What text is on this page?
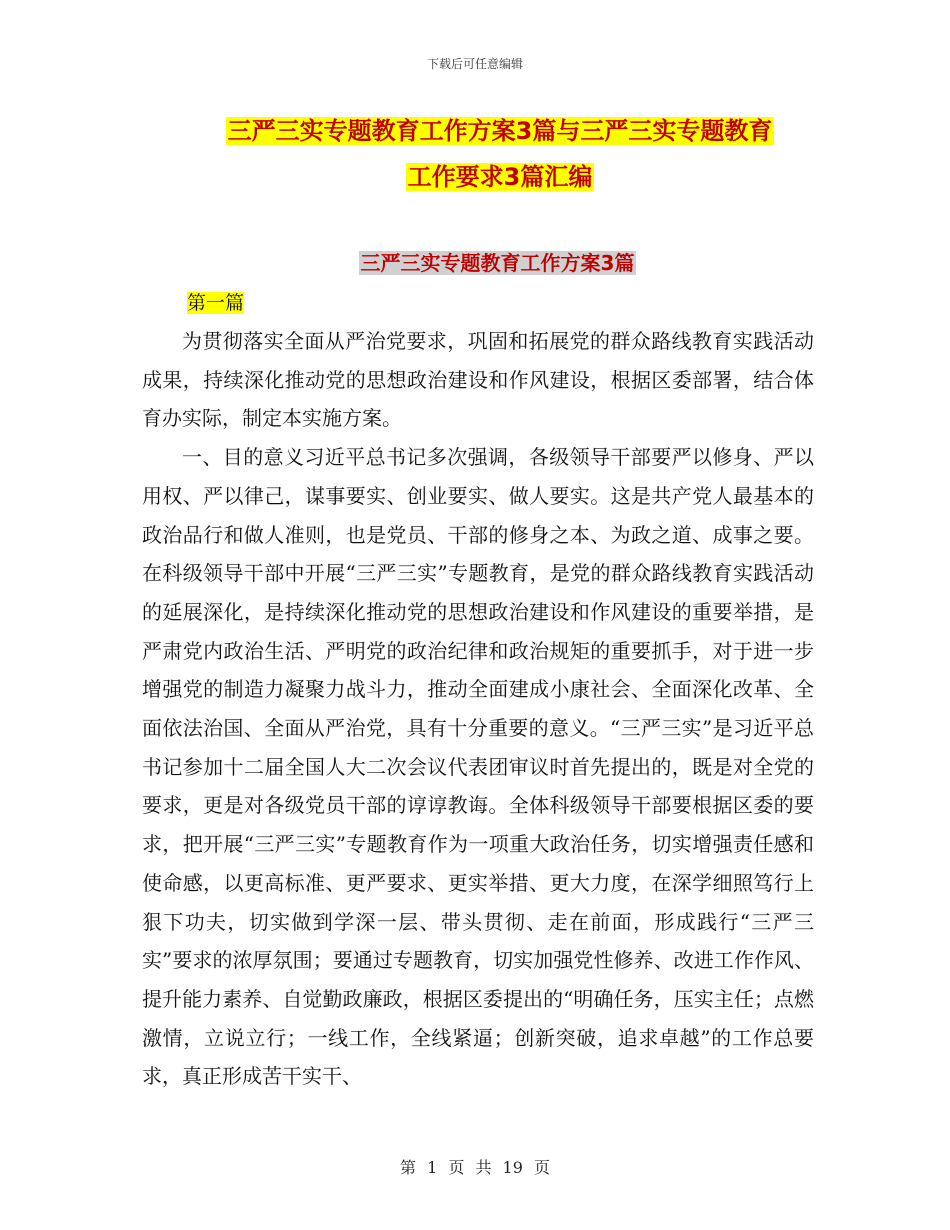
下载后可任意编辑
三严三实专题教育工作方案3篇与三严三实专题教育
工作要求3篇汇编
三严三实专题教育工作方案3篇
第一篇

为贯彻落实全面从严治党要求，巩固和拓展党的群众路线教育实践活动成果，持续深化推动党的思想政治建设和作风建设，根据区委部署，结合体育办实际，制定本实施方案。

一、目的意义习近平总书记多次强调，各级领导干部要严以修身、严以用权、严以律己，谋事要实、创业要实、做人要实。这是共产党人最基本的政治品行和做人准则，也是党员、干部的修身之本、为政之道、成事之要。在科级领导干部中开展“三严三实”专题教育，是党的群众路线教育实践活动的延展深化，是持续深化推动党的思想政治建设和作风建设的重要举措，是严肃党内政治生活、严明党的政治纪律和政治规矩的重要抓手，对于进一步增强党的制造力凝聚力战斗力，推动全面建成小康社会、全面深化改革、全面依法治国、全面从严治党，具有十分重要的意义。“三严三实”是习近平总书记参加十二届全国人大二次会议代表团审议时首先提出的，既是对全党的要求，更是对各级党员干部的谆谆教诲。全体科级领导干部要根据区委的要求，把开展“三严三实”专题教育作为一项重大政治任务，切实增强责任感和使命感，以更高标准、更严要求、更实举措、更大力度，在深学细照笃行上狠下功夫，切实做到学深一层、带头贯彻、走在前面，形成践行“三严三实”要求的浓厚氛围；要通过专题教育，切实加强党性修养、改进工作作风、提升能力素养、自觉勤政廉政，根据区委提出的“明确任务，压实主任；点燃激情，立说立行；一线工作，全线紧逼；创新突破，追求卓越”的工作总要求，真正形成苦干实干、

第 1 页 共 19 页
